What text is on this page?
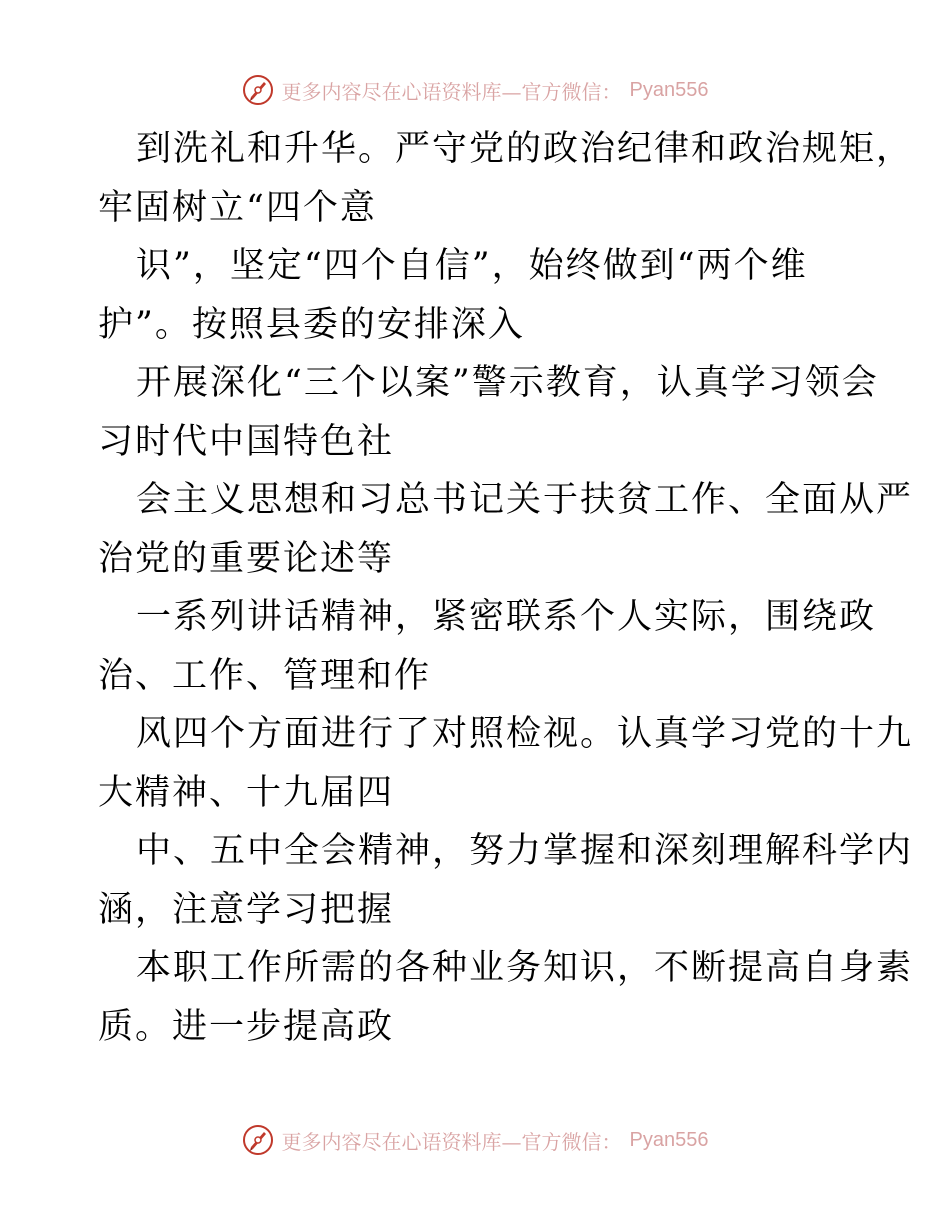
更多内容尽在心语资料库—官方微信： Pyan556

到洗礼和升华。严守党的政治纪律和政治规矩，
牢固树立“四个意
识”，坚定“四个自信”，始终做到“两个维
护”。按照县委的安排深入
开展深化“三个以案”警示教育，认真学习领会
习时代中国特色社
会主义思想和习总书记关于扶贫工作、全面从严
治党的重要论述等
一系列讲话精神，紧密联系个人实际，围绕政
治、工作、管理和作
风四个方面进行了对照检视。认真学习党的十九
大精神、十九届四
中、五中全会精神，努力掌握和深刻理解科学内
涵，注意学习把握
本职工作所需的各种业务知识，不断提高自身素
质。进一步提高政

更多内容尽在心语资料库—官方微信： Pyan556
